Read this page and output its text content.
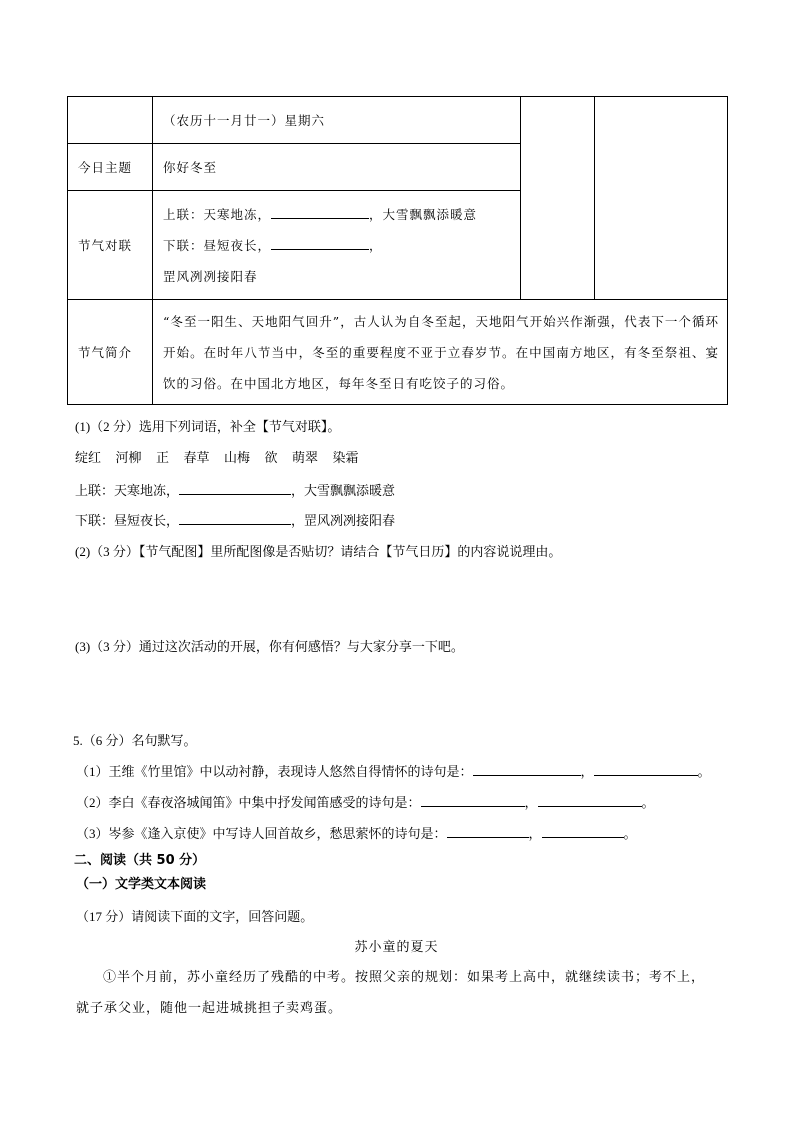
	（农历十一月廿一）星期六		
今日主题	你好冬至		
节气对联	上联：天寒地冻， ，大雪飘飘添暖意
下联：昼短夜长， ，
罡风冽冽接阳春		

节气简介	“冬至一阳生、天地阳气回升”，古人认为自冬至起，天地阳气开始兴作渐强，代表下一个循环开始。在时年八节当中，冬至的重要程度不亚于立春岁节。在中国南方地区，有冬至祭祖、宴饮的习俗。在中国北方地区，每年冬至日有吃饺子的习俗。		

(1)（2 分）选用下列词语，补全【节气对联】。
绽红  河柳  正  春草  山梅  欲  萌翠  染霜
上联：天寒地冻，	，大雪飘飘添暖意
下联：昼短夜长，	，罡风冽冽接阳春
(2)（3 分）【节气配图】里所配图像是否贴切？请结合【节气日历】的内容说说理由。
(3)（3 分）通过这次活动的开展，你有何感悟？与大家分享一下吧。
5.（6 分）名句默写。
（1）王维《竹里馆》中以动衬静，表现诗人悠然自得情怀的诗句是：	，	。
（2）李白《春夜洛城闻笛》中集中抒发闻笛感受的诗句是：	，	。
（3）岑参《逢入京使》中写诗人回首故乡，愁思萦怀的诗句是：	，	。
二、阅读（共 50 分）
（一）文学类文本阅读
（17 分）请阅读下面的文字，回答问题。
苏小童的夏天
①半个月前，苏小童经历了残酷的中考。按照父亲的规划：如果考上高中，就继续读书；考不上，
就子承父业，随他一起进城挑担子卖鸡蛋。
